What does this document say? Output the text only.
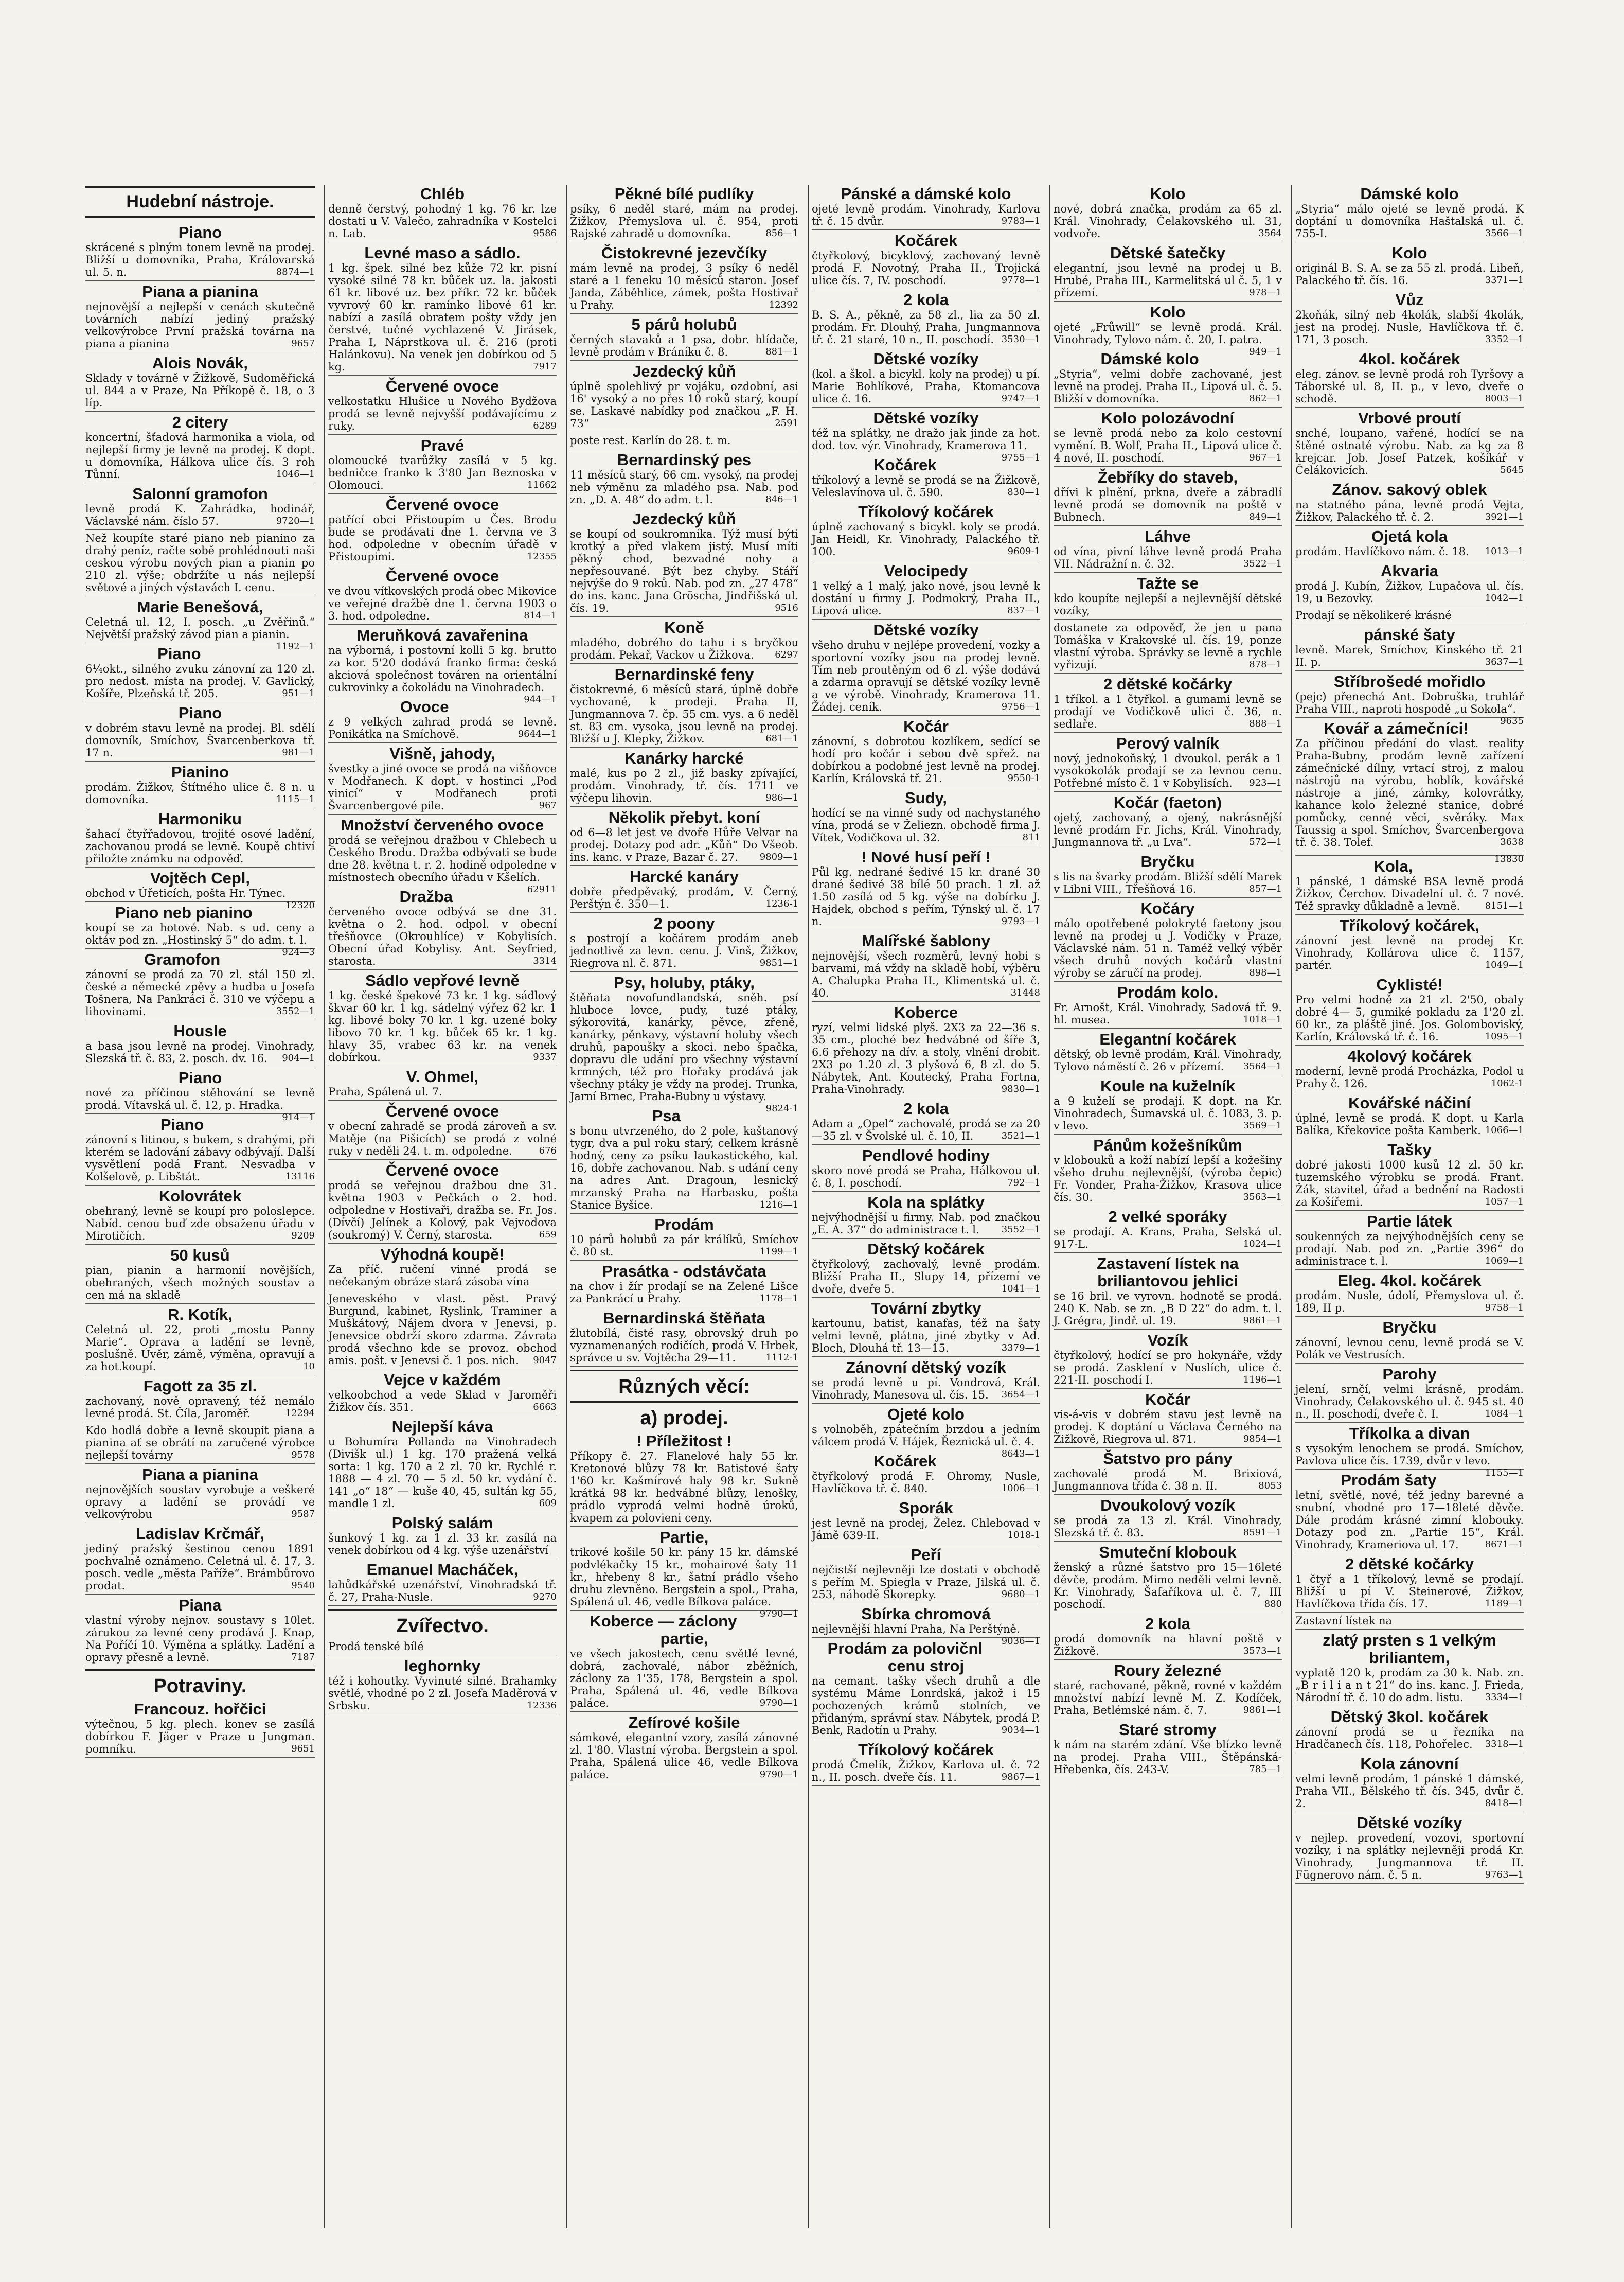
Hudební nástroje.
Piano
skrácené s plným tonem levně na prodej. Bližší u domovníka, Praha, Královarská ul. 5. n.	8874—1
Piana a pianina
nejnovější a nejlepší v cenách skutečně továrních nabízí jediný pražský velkovýrobce První pražská továrna na piana a pianina	9657
Alois Novák,
Sklady v továrně v Žižkově, Sudoměřická ul. 844 a v Praze, Na Příkopě č. 18, o 3 líp.
2 citery
koncertní, šťadová harmonika a viola, od nejlepší firmy je levně na prodej. K dopt. u domovníka, Hálkova ulice čís. 3 roh Tůnní.	1046—1
Salonní gramofon
levně prodá K. Zahrádka, hodinář, Václavské nám. číslo 57.	9720—1
Než koupíte staré piano neb pianino za drahý peníz, račte sobě prohlédnouti naši ceskou výrobu nových pian a pianin po 210 zl. výše; obdržíte u nás nejlepší světové a jiných výstavách I. cenu.
Marie Benešová,
Celetná ul. 12, I. posch. „u Zvěřinů.“ Největší pražský závod pian a pianin.
1192—1
Piano
6¼okt., silného zvuku zánovní za 120 zl. pro nedost. místa na prodej. V. Gavlický, Košíře, Plzeňská tř. 205.	951—1
Piano
v dobrém stavu levně na prodej. Bl. sdělí domovník, Smíchov, Švarcenberkova tř. 17 n.	981—1
Pianino
prodám. Žižkov, Štítného ulice č. 8 n. u domovníka.	1115—1
Harmoniku
šahací čtyřřadovou, trojité osové ladění, zachovanou prodá se levně. Koupě chtiví přiložte známku na odpověď.
Vojtěch Cepl,
obchod v Úřeticích, pošta Hr. Týnec.
12320
Piano neb pianino
koupí se za hotové. Nab. s ud. ceny a oktáv pod zn. „Hostinský 5“ do adm. t. l.
924—3
Gramofon
zánovní se prodá za 70 zl. stál 150 zl. české a německé zpěvy a hudba u Josefa Tošnera, Na Pankráci č. 310 ve výčepu a lihovinami.	3552—1
Housle
a basa jsou levně na prodej. Vinohrady, Slezská tř. č. 83, 2. posch. dv. 16.	904—1
Piano
nové za příčinou stěhování se levně prodá. Vítavská ul. č. 12, p. Hradka.
914—1
Piano
zánovní s litinou, s bukem, s drahými, při kterém se ladování zábavy odbývají. Další vysvětlení podá Frant. Nesvadba v Kolšelově, p. Libštát.	13116
Kolovrátek
obehraný, levně se koupí pro poloslepce. Nabíd. cenou buď zde obsaženu úřadu v Mirotičích.	9209
50 kusů
pian, pianin a harmonií novějších, obehraných, všech možných soustav a cen má na skladě
R. Kotík,
Celetná ul. 22, proti „mostu Panny Marie“. Oprava a ladění se levně, poslušně. Úvěr, zámě, výměna, opravují a za hot.koupí.	10
Fagott za 35 zl.
zachovaný, nově opravený, též nemálo levné prodá. St. Číla, Jaroměř.	12294
Kdo hodlá dobře a levně skoupit piana a pianina ať se obrátí na zaručené výrobce nejlepší továrny	9578
Piana a pianina
nejnovějších soustav vyrobuje a veškeré opravy a ladění se provádí ve velkovýrobu	9587
Ladislav Krčmář,
jediný pražský šestinou cenou 1891 pochvalně oznámeno. Celetná ul. č. 17, 3. posch. vedle „města Paříže“. Brámbůrovo prodat.	9540
Piana
vlastní výroby nejnov. soustavy s 10let. zárukou za levné ceny prodává J. Knap, Na Poříčí 10. Výměna a splátky. Ladění a opravy přesně a levně.	7187
Potraviny.
Francouz. hořčici
výtečnou, 5 kg. plech. konev se zasílá dobírkou F. Jäger v Praze u Jungman. pomníku.	9651
Chléb
denně čerstvý, pohodný 1 kg. 76 kr. lze dostati u V. Valečo, zahradníka v Kostelci n. Lab.	9586
Levné maso a sádlo.
1 kg. špek. silné bez kůže 72 kr. pisní vysoké silné 78 kr. bůček uz. la. jakosti 61 kr. libové uz. bez příkr. 72 kr. bůček vyvrový 60 kr. ramínko libové 61 kr. nabízí a zasílá obratem pošty vždy jen čerstvé, tučné vychlazené V. Jirásek, Praha I, Náprstkova ul. č. 216 (proti Halánkovu). Na venek jen dobírkou od 5 kg.	7917
Červené ovoce
velkostatku Hlušice u Nového Bydžova prodá se levně nejvyšší podávajícímu z ruky.	6289
Pravé
olomoucké tvarůžky zasílá v 5 kg. bedničce franko k 3'80 Jan Beznoska v Olomouci.	11662
Červené ovoce
patřící obci Přistoupím u Čes. Brodu bude se prodávati dne 1. června ve 3 hod. odpoledne v obecním úřadě v Přistoupimi.	12355
Červené ovoce
ve dvou vítkovských prodá obec Mikovice ve veřejné dražbě dne 1. června 1903 o 3. hod. odpoledne.	814—1
Meruňková zavařenina
na výborná, i postovní kolli 5 kg. brutto za kor. 5'20 dodává franko firma: česká akciová společnost továren na orientální cukrovinky a čokoládu na Vinohradech.
944—1
Ovoce
z 9 velkých zahrad prodá se levně. Ponikátka na Smíchově.	9644—1
Višně, jahody,
švestky a jiné ovoce se prodá na višňovce v Modřanech. K dopt. v hostinci „Pod vinicí“ v Modřanech proti Švarcenbergové pile.	967
Množství červeného ovoce
prodá se veřejnou dražbou v Chlebech u Českého Brodu. Dražba odbývati se bude dne 28. května t. r. 2. hodině odpoledne v místnostech obecního úřadu v Kšelích.
62911
Dražba
červeného ovoce odbývá se dne 31. května o 2. hod. odpol. v obecní třešňovce (Okrouhlíce) v Kobylisích. Obecní úřad Kobylisy. Ant. Seyfried, starosta.	3314
Sádlo vepřové levně
1 kg. české špekové 73 kr. 1 kg. sádlový škvar 60 kr. 1 kg. sádelný výřez 62 kr. 1 kg. libové boky 70 kr. 1 kg. uzené boky libovo 70 kr. 1 kg. bůček 65 kr. 1 kg. hlavy 35, vrabec 63 kr. na venek dobírkou.	9337
V. Ohmel,
Praha, Spálená ul. 7.
Červené ovoce
v obecní zahradě se prodá zároveň a sv. Matěje (na Pišicích) se prodá z volné ruky v neděli 24. t. m. odpoledne.	676
Červené ovoce
prodá se veřejnou dražbou dne 31. května 1903 v Pečkách o 2. hod. odpoledne v Hostivaři, dražba se. Fr. Jos. (Dívčí) Jelínek a Kolový, pak Vejvodova (soukromý) V. Černý, starosta.	659
Výhodná koupě!
Za příč. ručení vinné prodá se nečekaným obráze stará zásoba vína
Jeneveského v vlast. pěst. Pravý Burgund, kabinet, Ryslink, Traminer a Muškátový, Nájem dvora v Jenevsi, p. Jenevsice obdrží skoro zdarma. Závrata prodá všechno kde se provoz. obchod amis. pošt. v Jenevsi č. 1 pos. nich.	9047
Vejce v každém
velkoobchod a vede Sklad v Jaroměři Žižkov čís. 351.	6663
Nejlepší káva
u Bohumíra Pollanda na Vinohradech (Divišk ul.) 1 kg. 170 pražená velká sorta: 1 kg. 170 a 2 zl. 70 kr. Rychlé r. 1888 — 4 zl. 70 — 5 zl. 50 kr. vydání č. 141 „o“ 18“ — kuše 40, 45, sultán kg 55, mandle 1 zl.	609
Polský salám
šunkový 1 kg. za 1 zl. 33 kr. zasílá na venek dobírkou od 4 kg. výše uzenářství
Emanuel Macháček,
lahůdkářské uzenářství, Vinohradská tř. č. 27, Praha-Nusle.	9270
Zvířectvo.
Prodá tenské bílé
leghornky
též i kohoutky. Vyvinuté silné. Brahamky světlé, vhodné po 2 zl. Josefa Maděrová v Srbsku.	12336
Pěkné bílé pudlíky
psíky, 6 neděl staré, mám na prodej. Žižkov, Přemyslova ul. č. 954, proti Rajské zahradě u domovníka.	856—1
Čistokrevné jezevčíky
mám levně na prodej, 3 psíky 6 neděl staré a 1 feneku 10 měsíců staron. Josef Janda, Záběhlice, zámek, pošta Hostivař u Prahy.	12392
5 párů holubů
černých stavaků a 1 psa, dobr. hlídače, levně prodám v Bráníku č. 8.	881—1
Jezdecký kůň
úplně spolehlivý pr vojáku, ozdobní, asi 16' vysoký a no přes 10 roků starý, koupí se. Laskavé nabídky pod značkou „F. H. 73“	2591
poste rest. Karlín do 28. t. m.
Bernardinský pes
11 měsíců starý, 66 cm. vysoký, na prodej neb výměnu za mladého psa. Nab. pod zn. „D. A. 48“ do adm. t. l.	846—1
Jezdecký kůň
se koupí od soukromníka. Týž musí býti krotký a před vlakem jistý. Musí míti pěkný chod, bezvadné nohy a nepřesouvané. Být bez chyby. Stáří nejvýše do 9 roků. Nab. pod zn. „27 478“ do ins. kanc. Jana Gröscha, Jindřišská ul. čís. 19.	9516
Koně
mladého, dobrého do tahu i s bryčkou prodám. Pekař, Vackov u Žižkova.	6297
Bernardinské feny
čistokrevné, 6 měsíců stará, úplně dobře vychované, k prodeji. Praha II, Jungmannova 7. čp. 55 cm. vys. a 6 neděl st. 83 cm. vysoka, jsou levně na prodej. Bližší u J. Klepky, Žižkov.	681—1
Kanárky harcké
malé, kus po 2 zl., již basky zpívající, prodám. Vinohrady, tř. čís. 1711 ve výčepu lihovin.	986—1
Několik přebyt. koní
od 6—8 let jest ve dvoře Hůře Velvar na prodej. Dotazy pod adr. „Kůň“ Do Všeob. ins. kanc. v Praze, Bazar č. 27.	9809—1
Harcké kanáry
dobře předpěvaký, prodám, V. Černý, Perštýn č. 350—1.	1236-1
2 poony
s postrojí a kočárem prodám aneb jednotlivě za levn. cenu. J. Vinš, Žižkov, Riegrova nl. č. 871.	9851—1
Psy, holuby, ptáky,
štěňata novofundlandská, sněh. psí hluboce lovce, pudy, tuzé ptáky, sýkorovitá, kanárky, pěvce, zřeně, kanárky, pěnkavy, výstavní holuby všech druhů, papoušky a skoci. nebo špačka, dopravu dle udání pro všechny výstavní krmných, též pro Hořaky prodává jak všechny ptáky je vždy na prodej. Trunka, Jarní Brnec, Praha-Bubny u výstavy.
9824-1
Psa
s bonu utvrzeného, do 2 pole, kaštanový tygr, dva a pul roku starý, celkem krásně hodný, ceny za psíku laukastického, kal. 16, dobře zachovanou. Nab. s udání ceny na adres Ant. Dragoun, lesnický mrzanský Praha na Harbasku, pošta Stanice Byšice.	1216—1
Prodám
10 párů holubů za pár králíků, Smíchov č. 80 st.	1199—1
Prasátka - odstávčata
na chov i žír prodají se na Zelené Lišce za Pankrácí u Prahy.	1178—1
Bernardinská štěňata
žlutobílá, čisté rasy, obrovský druh po vyznamenaných rodičích, prodá V. Hrbek, správce u sv. Vojtěcha 29—11.	1112-1
Různých věcí:
a) prodej.
! Příležitost !
Příkopy č. 27. Flanelové haly 55 kr. Kretonové blůzy 78 kr. Batistové šaty 1'60 kr. Kašmírové haly 98 kr. Sukně krátká 98 kr. hedvábné blůzy, lenošky, prádlo vyprodá velmi hodně úroků, kvapem za polovieni ceny.
Partie,
trikové košile 50 kr. pány 15 kr. dámské podvlékačky 15 kr., mohairové šaty 11 kr., hřebeny 8 kr., šatní prádlo všeho druhu zlevněno. Bergstein a spol., Praha, Spálená ul. 46, vedle Bílkova paláce.
9790—1
Koberce — záclony partie,
ve všech jakostech, cenu světlé levné, dobrá, zachovalé, nábor zběžních, záclony za 1'35, 178, Bergstein a spol. Praha, Spálená ul. 46, vedle Bílkova paláce.	9790—1
Zefírové košile
sámkové, elegantní vzory, zasílá zánovné zl. 1'80. Vlastní výroba. Bergstein a spol. Praha, Spálená ulice 46, vedle Bílkova paláce.	9790—1
Pánské a dámské kolo
ojeté levně prodám. Vinohrady, Karlova tř. č. 15 dvůr.	9783—1
Kočárek
čtyřkolový, bicyklový, zachovaný levně prodá F. Novotný, Praha II., Trojická ulice čís. 7, IV. poschodí.	9778—1
2 kola
B. S. A., pěkně, za 58 zl., lia za 50 zl. prodám. Fr. Dlouhý, Praha, Jungmannova tř. č. 21 staré, 10 n., II. poschodí. 3530—1
Dětské vozíky
(kol. a škol. a bicykl. koly na prodej) u pí. Marie Bohlíkové, Praha, Ktomancova ulice č. 16.	9747—1
Dětské vozíky
též na splátky, ne dražo jak jinde za hot. dod. tov. výr. Vinohrady, Kramerova 11.
9755—1
Kočárek
tříkolový a levně se prodá se na Žižkově, Veleslavínova ul. č. 590.	830—1
Tříkolový kočárek
úplně zachovaný s bicykl. koly se prodá. Jan Heidl, Kr. Vinohrady, Palackého tř. 100.	9609-1
Velocipedy
1 velký a 1 malý, jako nové, jsou levně k dostání u firmy J. Podmokrý, Praha II., Lipová ulice.	837—1
Dětské vozíky
všeho druhu v nejlépe provedení, vozky a sportovní vozíky jsou na prodej levně. Tím neb proutěným od 6 zl. výše dodává a zdarma opravují se dětské vozíky levně a ve výrobě. Vinohrady, Kramerova 11. Žádej. ceník.	9756—1
Kočár
zánovní, s dobrotou kozlíkem, sedící se hodí pro kočár i sebou dvě spřež. na dobírkou a podobné jest levně na prodej. Karlín, Královská tř. 21.	9550-1
Sudy,
hodící se na vinné sudy od nachystaného vína, prodá se v Želiezn. obchodě firma J. Vítek, Vodičkova ul. 32.	811
! Nové husí peří !
Půl kg. nedrané šedivé 15 kr. drané 30 drané šedivé 38 bílé 50 prach. 1 zl. až 1.50 zasílá od 5 kg. výše na dobírku J. Hajdek, obchod s peřím, Týnský ul. č. 17 n.	9793—1
Malířské šablony
nejnovější, všech rozměrů, levný hobi s barvami, má vždy na skladě hobí, výběru A. Chalupka Praha II., Klimentská ul. č. 40.	31448
Koberce
ryzí, velmi lidské plyš. 2X3 za 22—36 s. 35 cm., ploché bez hedvábné od šíře 3, 6.6 přehozy na dív. a stoly, vlnění drobit. 2X3 po 1.20 zl. 3 plyšová 6, 8 zl. do 5. Nábytek, Ant. Koutecký, Praha Fortna, Praha-Vinohrady.	9830—1
2 kola
Adam a „Opel“ zachovalé, prodá se za 20—35 zl. v Švolské ul. č. 10, II.	3521—1
Pendlové hodiny
skoro nové prodá se Praha, Hálkovou ul. č. 8, I. poschodí.	792—1
Kola na splátky
nejvýhodnější u firmy. Nab. pod značkou „E. A. 37“ do administrace t. l.	3552—1
Dětský kočárek
čtyřkolový, zachovalý, levně prodám. Bližší Praha II., Slupy 14, přízemí ve dvoře, dveře 5.	1041—1
Tovární zbytky
kartounu, batist, kanafas, též na šaty velmi levně, plátna, jiné zbytky v Ad. Bloch, Dlouhá tř. 13—15.	3379—1
Zánovní dětský vozík
se prodá levně u pí. Vondrová, Král. Vinohrady, Manesova ul. čís. 15.	3654—1
Ojeté kolo
s volnoběh, zpátečním brzdou a jedním válcem prodá V. Hájek, Řeznická ul. č. 4.
8643—1
Kočárek
čtyřkolový prodá F. Ohromy, Nusle, Havlíčkova tř. č. 840.	1006—1
Sporák
jest levně na prodej, Želez. Chlebovad v Jámě 639-II.	1018-1
Peří
nejčistší nejlevněji lze dostati v obchodě s peřím M. Spiegla v Praze, Jilská ul. č. 253, náhodě Škorepky.	9680—1
Sbírka chromová
nejlevnější hlavní Praha, Na Perštýně.
9036—1
Prodám za polovičnl cenu stroj
na cemant. tašky všech druhů a dle systému Máme Lonrdská, jakož i 15 pochozených krámů stolních, ve přidaným, správní stav. Nábytek, prodá P. Benk, Radotín u Prahy.	9034—1
Tříkolový kočárek
prodá Čmelík, Žižkov, Karlova ul. č. 72 n., II. posch. dveře čís. 11.	9867—1
Kolo
nové, dobrá značka, prodám za 65 zl. Král. Vinohrady, Čelakovského ul. 31, vodvoře.	3564
Dětské šatečky
elegantní, jsou levně na prodej u B. Hrubé, Praha III., Karmelitská ul č. 5, 1 v přízemí.	978—1
Kolo
ojeté „Frůwill“ se levně prodá. Král. Vinohrady, Tylovo nám. č. 20, I. patra.
949—1
Dámské kolo
„Styria“, velmi dobře zachované, jest levně na prodej. Praha II., Lipová ul. č. 5. Bližší v domovníka.	862—1
Kolo polozávodní
se levně prodá nebo za kolo cestovní vymění. B. Wolf, Praha II., Lipová ulice č. 4 nové, II. poschodí.	967—1
Žebříky do staveb,
dřívi k plnění, prkna, dveře a zábradlí levně prodá se domovník na poště v Bubnech.	849—1
Láhve
od vína, pivní láhve levně prodá Praha VII. Nádražní n. č. 32.	3522—1
Tažte se
kdo koupíte nejlepší a nejlevnější dětské vozíky,
dostanete za odpověď, že jen u pana Tomáška v Krakovské ul. čís. 19, ponze vlastní výroba. Správky se levně a rychle vyřizují.	878—1
2 dětské kočárky
1 tříkol. a 1 čtyřkol. a gumami levně se prodají ve Vodičkově ulici č. 36, n. sedlaře.	888—1
Perový valník
nový, jednokoňský, 1 dvoukol. perák a 1 vysokokolák prodají se za levnou cenu. Potřebné místo č. 1 v Kobylisích.	923—1
Kočár (faeton)
ojetý, zachovaný, a ojený, nakrásnější levně prodám Fr. Jichs, Král. Vinohrady, Jungmannova tř. „u Lva“.	572—1
Bryčku
s lis na švarky prodám. Bližší sdělí Marek v Libni VIII., Třešňová 16.	857—1
Kočáry
málo opotřebené polokryté faetony jsou levně na prodej u J. Vodičky v Praze, Václavské nám. 51 n. Taméž velký výběr všech druhů nových kočárů vlastní výroby se záručí na prodej.	898—1
Prodám kolo.
Fr. Arnošt, Král. Vinohrady, Sadová tř. 9. hl. musea.	1018—1
Elegantní kočárek
dětský, ob levně prodám, Král. Vinohrady, Tylovo náměstí č. 26 v přízemí.	3564—1
Koule na kuželník
a 9 kuželí se prodají. K dopt. na Kr. Vinohradech, Šumavská ul. č. 1083, 3. p. v levo.	3569—1
Pánům kožešníkům
v klobouků a koží nabízí lepší a kožešiny všeho druhu nejlevnější, (výroba čepic) Fr. Vonder, Praha-Žižkov, Krasova ulice čís. 30.	3563—1
2 velké sporáky
se prodají. A. Krans, Praha, Selská ul. 917-L.	1024—1
Zastavení lístek na briliantovou jehlici
se 16 bril. ve vyrovn. hodnotě se prodá. 240 K. Nab. se zn. „B D 22“ do adm. t. l. J. Grégra, Jindř. ul. 19.	9861—1
Vozík
čtyřkolový, hodící se pro hokynáře, vždy se prodá. Zasklení v Nuslích, ulice č. 221-II. poschodí I.	1196—1
Kočár
vis-á-vis v dobrém stavu jest levně na prodej. K doptání u Václava Černého na Žižkově, Riegrova ul. 871.	9854—1
Šatstvo pro pány
zachovalé prodá M. Brixiová, Jungmannova třída č. 38 n. II.	8053
Dvoukolový vozík
se prodá za 13 zl. Král. Vinohrady, Slezská tř. č. 83.	8591—1
Smuteční klobouk
ženský a různé šatstvo pro 15—16leté děvče, prodám. Mimo neděli velmi levně. Kr. Vinohrady, Šafaříkova ul. č. 7, III poschodí.	880
2 kola
prodá domovník na hlavní poště v Žižkově.	3573—1
Roury železné
staré, rachované, pěkně, rovné v každém množství nabízí levně M. Z. Kodíček, Praha, Betlémské nám. č. 7.	9861—1
Staré stromy
k nám na starém zdání. Vše blízko levně na prodej. Praha VIII., Štěpánská-Hřebenka, čís. 243-V.	785—1
Dámské kolo
„Styria“ málo ojeté se levně prodá. K doptání u domovníka Haštalská ul. č. 755-I.	3566—1
Kolo
originál B. S. A. se za 55 zl. prodá. Libeň, Palackého tř. čís. 16.	3371—1
Vůz
2koňák, silný neb 4kolák, slabší 4kolák, jest na prodej. Nusle, Havlíčkova tř. č. 171, 3 posch.	3352—1
4kol. kočárek
eleg. zánov. se levně prodá roh Tyršovy a Táborské ul. 8, II. p., v levo, dveře o schodě.	8003—1
Vrbové proutí
snché, loupano, vařené, hodící se na štěné ostnaté výrobu. Nab. za kg za 8 krejcar. Job. Josef Patzek, košíkář v Čelákovicích.	5645
Zánov. sakový oblek
na statného pána, levně prodá Vejta, Žižkov, Palackého tř. č. 2.	3921—1
Ojetá kola
prodám. Havlíčkovo nám. č. 18.	1013—1
Akvaria
prodá J. Kubín, Žižkov, Lupačova ul. čís. 19, u Bezovky.	1042—1
Prodají se několikeré krásné
pánské šaty
levně. Marek, Smíchov, Kinského tř. 21 II. p.	3637—1
Stříbrošedé mořidlo
(pejc) přenechá Ant. Dobruška, truhlář Praha VIII., naproti hospodě „u Sokola“.
9635
Kovář a zámečníci!
Za příčinou předání do vlast. reality Praha-Bubny, prodám levně zařízení zámečnické dílny, vrtací stroj, z malou nástrojů na výrobu, hoblík, kovářské nástroje a jiné, zámky, kolovrátky, kahance kolo železné stanice, dobré pomůcky, cenné věci, svěráky. Max Taussig a spol. Smíchov, Švarcenbergova tř. č. 38. Tolef.	3638
13830
Kola,
1 pánské, 1 dámské BSA levně prodá Žižkov, Čerchov. Divadelní ul. č. 7 nové. Též spravky důkladně a levně.	8151—1
Tříkolový kočárek,
zánovní jest levně na prodej Kr. Vinohrady, Kollárova ulice č. 1157, partér.	1049—1
Cyklisté!
Pro velmi hodně za 21 zl. 2'50, obaly dobré 4— 5, gumiké pokladu za 1'20 zl. 60 kr., za pláště jiné. Jos. Golomboviský, Karlín, Královská tř. č. 16.	1095—1
4kolový kočárek
moderní, levně prodá Procházka, Podol u Prahy č. 126.	1062-1
Kovářské náčiní
úplné, levně se prodá. K dopt. u Karla Balíka, Křekovice pošta Kamberk. 1066—1
Tašky
dobré jakosti 1000 kusů 12 zl. 50 kr. tuzemského výrobku se prodá. Frant. Žák, stavitel, úřad a bednění na Radosti za Košířemi.	1057—1
Partie látek
soukenných za nejvýhodnějších ceny se prodají. Nab. pod zn. „Partie 396“ do administrace t. l.	1069—1
Eleg. 4kol. kočárek
prodám. Nusle, údolí, Přemyslova ul. č. 189, II p.	9758—1
Bryčku
zánovní, levnou cenu, levně prodá se V. Polák ve Vestrusích.
Parohy
jelení, srnčí, velmi krásně, prodám. Vinohrady, Čelakovského ul. č. 945 st. 40 n., II. poschodí, dveře č. I.	1084—1
Tříkolka a divan
s vysokým lenochem se prodá. Smíchov, Pavlova ulice čís. 1739, dvůr v levo.
1155—1
Prodám šaty
letní, světlé, nové, též jedny barevné a snubní, vhodné pro 17—18leté děvče. Dále prodám krásné zimní klobouky. Dotazy pod zn. „Partie 15“, Král. Vinohrady, Krameriova ul. 17.	8671—1
2 dětské kočárky
1 čtyř a 1 tříkolový, levně se prodají. Bližší u pí V. Steinerové, Žižkov, Havlíčkova třída čís. 17.	1189—1
Zastavní lístek na
zlatý prsten s 1 velkým briliantem,
vyplatě 120 k, prodám za 30 k. Nab. zn. „B r i l i a n t 21“ do ins. kanc. J. Frieda, Národní tř. č. 10 do adm. listu.	3334—1
Dětský 3kol. kočárek
zánovní prodá se u řezníka na Hradčanech čís. 118, Pohořelec.	3318—1
Kola zánovní
velmi levně prodám, 1 pánské 1 dámské, Praha VII., Bělského tř. čís. 345, dvůr č. 2.	8418—1
Dětské vozíky
v nejlep. provedení, vozovi, sportovní vozíky, i na splátky nejlevněji prodá Kr. Vinohrady, Jungmannova tř. II. Fügnerovo nám. č. 5 n.	9763—1
